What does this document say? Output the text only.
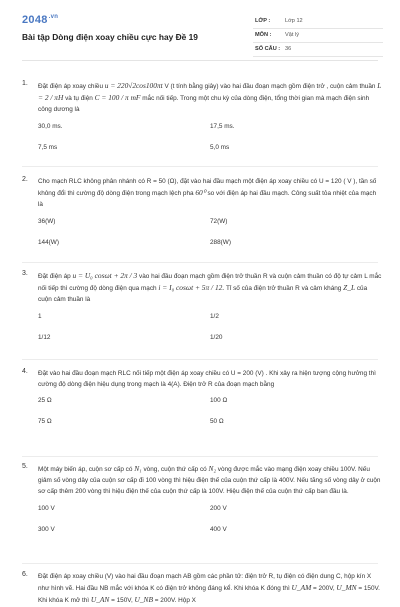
$2048^{.vn}$
Bài tập Dòng điện xoay chiều cực hay Đề 19
LỚP :	Lớp 12
MÔN : Vật lý
SỐ CÂU : 36
1. Đặt điện áp xoay chiều u = 220√2cos100πt V (t tính bằng giây) vào hai đầu đoạn mạch gồm điện trở , cuộn cảm thuần L = 2 / πH và tụ điện C = 100 / π mF mắc nối tiếp. Trong một chu kỳ của dòng điện, tổng thời gian mà mạch điện sinh công dương là
30,0 ms.	17,5 ms.
7,5 ms	5,0 ms
2. Cho mạch RLC không phân nhánh có R = 50 (Ω), đặt vào hai đầu mạch một điện áp xoay chiều có U = 120 ( V ), tần số không đổi thì cường độ dòng điện trong mạch lệch pha 60⁰ so với điện áp hai đầu mạch. Công suất tỏa nhiệt của mạch là
36(W)	72(W)
144(W)	288(W)
3. Đặt điện áp u = U₀ cosωt + 2π / 3 vào hai đầu đoạn mạch gồm điện trở thuần R và cuộn cảm thuần có độ tự cảm L mắc nối tiếp thì cường độ dòng điện qua mạch i = I₀ cosωt + 5π / 12. Tỉ số của điện trở thuần R và cảm kháng Z_L của cuộn cảm thuần là
1	1/2
1/12	1/20
4. Đặt vào hai đầu đoạn mạch RLC nối tiếp một điện áp xoay chiều có U = 200 (V) . Khi xảy ra hiện tượng cộng hưởng thì cường độ dòng điện hiệu dụng trong mạch là 4(A). Điện trở R của đoạn mạch bằng
25 Ω	100 Ω
75 Ω	50 Ω
5. Một máy biến áp, cuộn sơ cấp có N₁ vòng, cuộn thứ cấp có N₂ vòng được mắc vào mạng điện xoay chiều 100V. Nếu giảm số vòng dây của cuộn sơ cấp đi 100 vòng thì hiệu điện thế của cuộn thứ cấp là 400V. Nếu tăng số vòng dây ở cuộn sơ cấp thêm 200 vòng thì hiệu điện thế của cuộn thứ cấp là 100V. Hiệu điện thế của cuộn thứ cấp ban đầu là.
100 V	200 V
300 V	400 V
6. Đặt điện áp xoay chiều (V) vào hai đầu đoạn mạch AB gồm các phần tử: điện trở R, tụ điện có điện dung C, hộp kín X như hình vẽ. Hai đầu NB mắc với khóa K có điện trở không đáng kể. Khi khóa K đóng thì U_AM = 200V, U_MN = 150V. Khi khóa K mở thì U_AN = 150V, U_NB = 200V. Hộp X
